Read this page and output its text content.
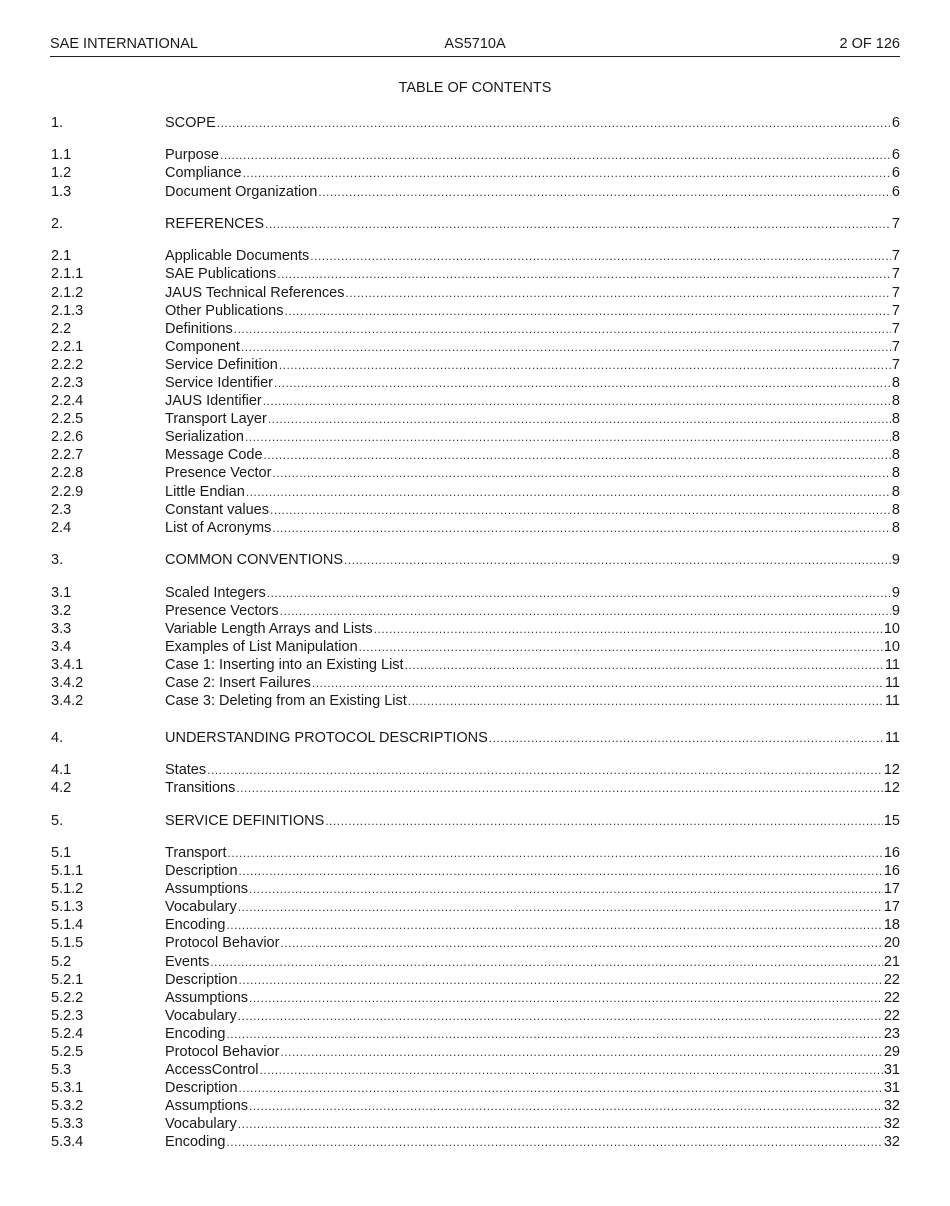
SAE INTERNATIONAL	AS5710A	2 OF 126
TABLE OF CONTENTS
1.	SCOPE .....	6
1.1	Purpose .....	6
1.2	Compliance .....	6
1.3	Document Organization .....	6
2.	REFERENCES .....	7
2.1	Applicable Documents .....	7
2.1.1	SAE Publications .....	7
2.1.2	JAUS Technical References .....	7
2.1.3	Other Publications .....	7
2.2	Definitions .....	7
2.2.1	Component .....	7
2.2.2	Service Definition .....	7
2.2.3	Service Identifier .....	8
2.2.4	JAUS Identifier .....	8
2.2.5	Transport Layer .....	8
2.2.6	Serialization .....	8
2.2.7	Message Code .....	8
2.2.8	Presence Vector .....	8
2.2.9	Little Endian .....	8
2.3	Constant values .....	8
2.4	List of Acronyms .....	8
3.	COMMON CONVENTIONS .....	9
3.1	Scaled Integers .....	9
3.2	Presence Vectors .....	9
3.3	Variable Length Arrays and Lists .....	10
3.4	Examples of List Manipulation .....	10
3.4.1	Case 1: Inserting into an Existing List .....	11
3.4.2	Case 2: Insert Failures .....	11
3.4.2	Case 3: Deleting from an Existing List .....	11
4.	UNDERSTANDING PROTOCOL DESCRIPTIONS .....	11
4.1	States .....	12
4.2	Transitions .....	12
5.	SERVICE DEFINITIONS .....	15
5.1	Transport .....	16
5.1.1	Description .....	16
5.1.2	Assumptions .....	17
5.1.3	Vocabulary .....	17
5.1.4	Encoding .....	18
5.1.5	Protocol Behavior .....	20
5.2	Events .....	21
5.2.1	Description .....	22
5.2.2	Assumptions .....	22
5.2.3	Vocabulary .....	22
5.2.4	Encoding .....	23
5.2.5	Protocol Behavior .....	29
5.3	AccessControl .....	31
5.3.1	Description .....	31
5.3.2	Assumptions .....	32
5.3.3	Vocabulary .....	32
5.3.4	Encoding .....	32
